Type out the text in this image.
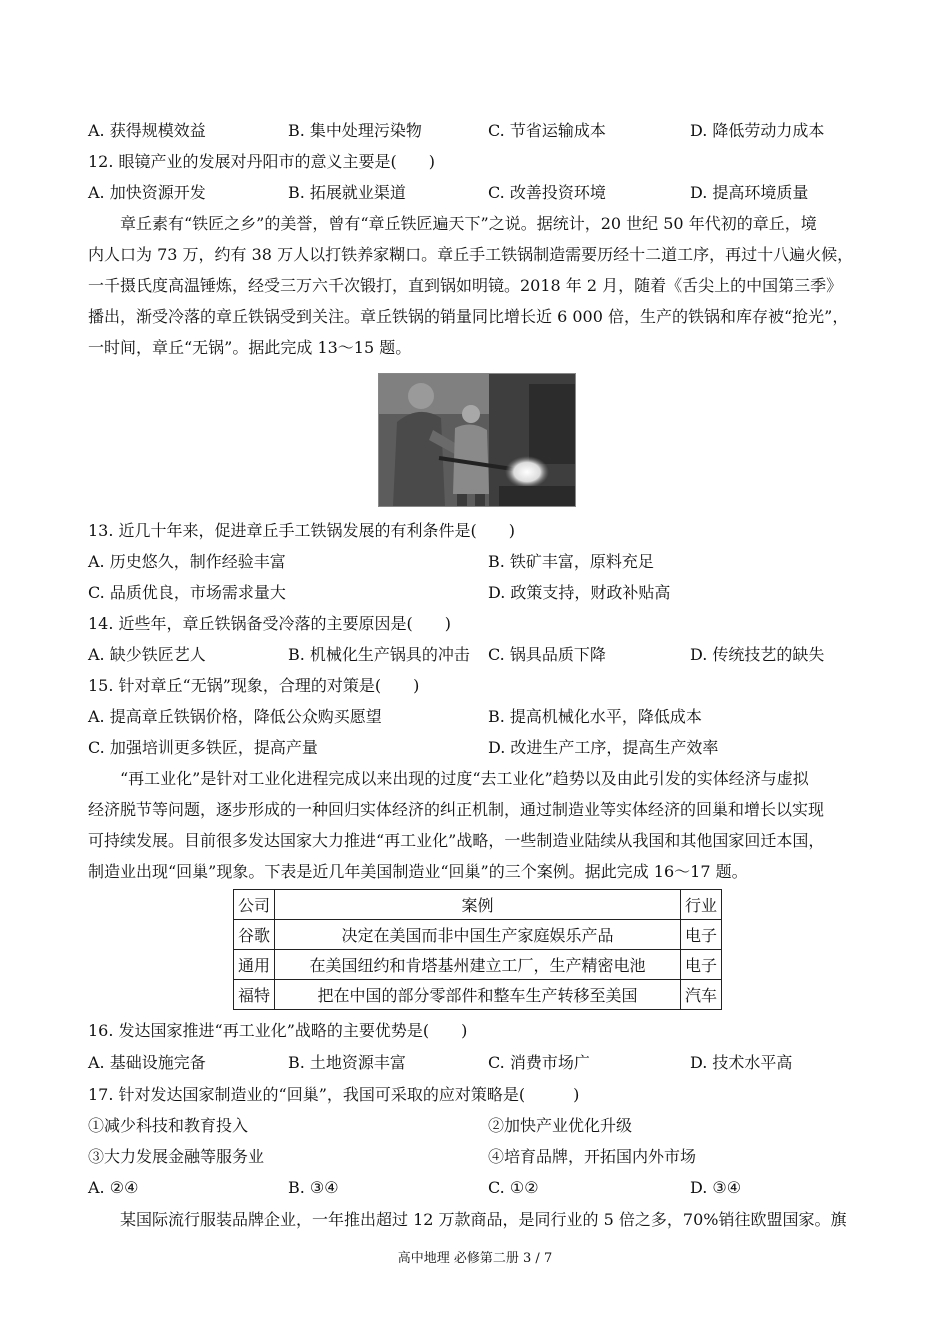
A. 获得规模效益	B. 集中处理污染物	C. 节省运输成本	D. 降低劳动力成本
12. 眼镜产业的发展对丹阳市的意义主要是(　　)
A. 加快资源开发	B. 拓展就业渠道	C. 改善投资环境	D. 提高环境质量
章丘素有“铁匠之乡”的美誉，曾有“章丘铁匠遍天下”之说。据统计，20 世纪 50 年代初的章丘，境
内人口为 73 万，约有 38 万人以打铁养家糊口。章丘手工铁锅制造需要历经十二道工序，再过十八遍火候，
一千摄氏度高温锤炼，经受三万六千次锻打，直到锅如明镜。2018 年 2 月，随着《舌尖上的中国第三季》
播出，渐受冷落的章丘铁锅受到关注。章丘铁锅的销量同比增长近 6 000 倍，生产的铁锅和库存被“抢光”，
一时间，章丘“无锅”。据此完成 13～15 题。
13. 近几十年来，促进章丘手工铁锅发展的有利条件是(　　)
A. 历史悠久，制作经验丰富	B. 铁矿丰富，原料充足
C. 品质优良，市场需求量大	D. 政策支持，财政补贴高
14. 近些年，章丘铁锅备受冷落的主要原因是(　　)
A. 缺少铁匠艺人	B. 机械化生产锅具的冲击 C. 锅具品质下降	D. 传统技艺的缺失
15. 针对章丘“无锅”现象，合理的对策是(　　)
A. 提高章丘铁锅价格，降低公众购买愿望	B. 提高机械化水平，降低成本
C. 加强培训更多铁匠，提高产量	D. 改进生产工序，提高生产效率
“再工业化”是针对工业化进程完成以来出现的过度“去工业化”趋势以及由此引发的实体经济与虚拟
经济脱节等问题，逐步形成的一种回归实体经济的纠正机制，通过制造业等实体经济的回巢和增长以实现
可持续发展。目前很多发达国家大力推进“再工业化”战略，一些制造业陆续从我国和其他国家回迁本国，
制造业出现“回巢”现象。下表是近几年美国制造业“回巢”的三个案例。据此完成 16～17 题。
公司	案例	行业
谷歌	决定在美国而非中国生产家庭娱乐产品	电子
通用	在美国纽约和肯塔基州建立工厂，生产精密电池	电子
福特	把在中国的部分零部件和整车生产转移至美国	汽车
16. 发达国家推进“再工业化”战略的主要优势是(　　)
A. 基础设施完备	B. 土地资源丰富	C. 消费市场广	D. 技术水平高
17. 针对发达国家制造业的“回巢”，我国可采取的应对策略是(　　　)
①减少科技和教育投入	②加快产业优化升级
③大力发展金融等服务业	④培育品牌，开拓国内外市场
A. ②④	B. ③④	C. ①②	D. ③④
某国际流行服装品牌企业，一年推出超过 12 万款商品，是同行业的 5 倍之多，70%销往欧盟国家。旗
高中地理 必修第二册 3 / 7
